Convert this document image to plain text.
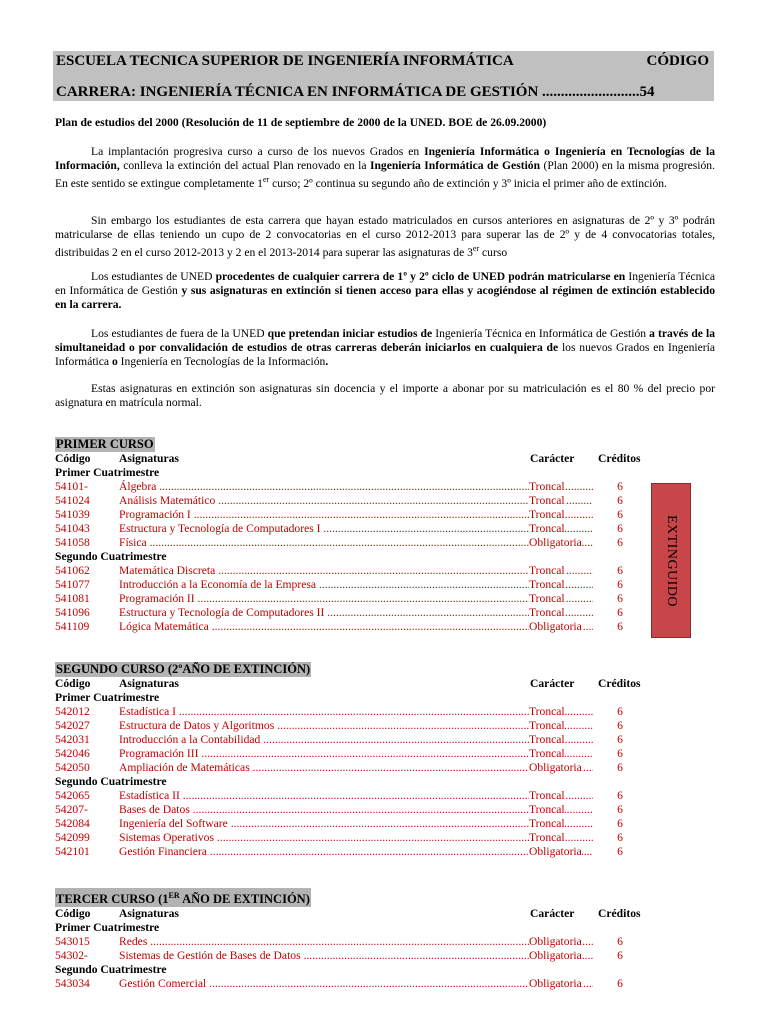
ESCUELA TECNICA SUPERIOR DE INGENIERÍA INFORMÁTICA	CÓDIGO
CARRERA: INGENIERÍA TÉCNICA EN INFORMÁTICA DE GESTIÓN ..........................54
Plan de estudios del 2000 (Resolución de 11 de septiembre de 2000 de la UNED. BOE de 26.09.2000)
La implantación progresiva curso a curso de los nuevos Grados en Ingeniería Informática o Ingeniería en Tecnologías de la Información, conlleva la extinción del actual Plan renovado en la Ingeniería Informática de Gestión (Plan 2000) en la misma progresión. En este sentido se extingue completamente 1er curso; 2º continua su segundo año de extinción y 3º inicia el primer año de extinción.
Sin embargo los estudiantes de esta carrera que hayan estado matriculados en cursos anteriores en asignaturas de 2º y 3º podrán matricularse de ellas teniendo un cupo de 2 convocatorias en el curso 2012-2013 para superar las de 2º y de 4 convocatorias totales, distribuidas 2 en el curso 2012-2013 y 2 en el 2013-2014 para superar las asignaturas de 3er curso
Los estudiantes de UNED procedentes de cualquier carrera de 1º y 2º ciclo de UNED podrán matricularse en Ingeniería Técnica en Informática de Gestión y sus asignaturas en extinción si tienen acceso para ellas y acogiéndose al régimen de extinción establecido en la carrera.
Los estudiantes de fuera de la UNED que pretendan iniciar estudios de Ingeniería Técnica en Informática de Gestión a través de la simultaneidad o por convalidación de estudios de otras carreras deberán iniciarlos en cualquiera de los nuevos Grados en Ingeniería Informática o Ingeniería en Tecnologías de la Información.
Estas asignaturas en extinción son asignaturas sin docencia y el importe a abonar por su matriculación es el 80 % del precio por asignatura en matrícula normal.
PRIMER CURSO
Código Asignaturas	Carácter Créditos
Primer Cuatrimestre
54101-	Álgebra .....	Troncal	6
541024	Análisis Matemático .....	Troncal	6
541039	Programación I .....	Troncal	6
541043	Estructura y Tecnología de Computadores I .....	Troncal	6
541058	Física .....	Obligatoria	6
Segundo Cuatrimestre
541062	Matemática Discreta .....	Troncal	6
541077	Introducción a la Economía de la Empresa .....	Troncal	6
541081	Programación II .....	Troncal	6
541096	Estructura y Tecnología de Computadores II .....	Troncal	6
541109	Lógica Matemática .....	Obligatoria	6
SEGUNDO CURSO (2ºAÑO DE EXTINCIÓN)
Código Asignaturas	Carácter Créditos
Primer Cuatrimestre
542012	Estadística I .....	Troncal	6
542027	Estructura de Datos y Algoritmos .....	Troncal	6
542031	Introducción a la Contabilidad .....	Troncal	6
542046	Programación III .....	Troncal	6
542050	Ampliación de Matemáticas .....	Obligatoria	6
Segundo Cuatrimestre
542065	Estadística II .....	Troncal	6
54207-	Bases de Datos .....	Troncal	6
542084	Ingeniería del Software .....	Troncal	6
542099	Sistemas Operativos .....	Troncal	6
542101	Gestión Financiera .....	Obligatoria	6
TERCER CURSO (1ER AÑO DE EXTINCIÓN)
Código Asignaturas	Carácter Créditos
Primer Cuatrimestre
543015	Redes .....	Obligatoria	6
54302-	Sistemas de Gestión de Bases de Datos .....	Obligatoria	6
Segundo Cuatrimestre
543034	Gestión Comercial .....	Obligatoria	6
EXTINGUIDO
